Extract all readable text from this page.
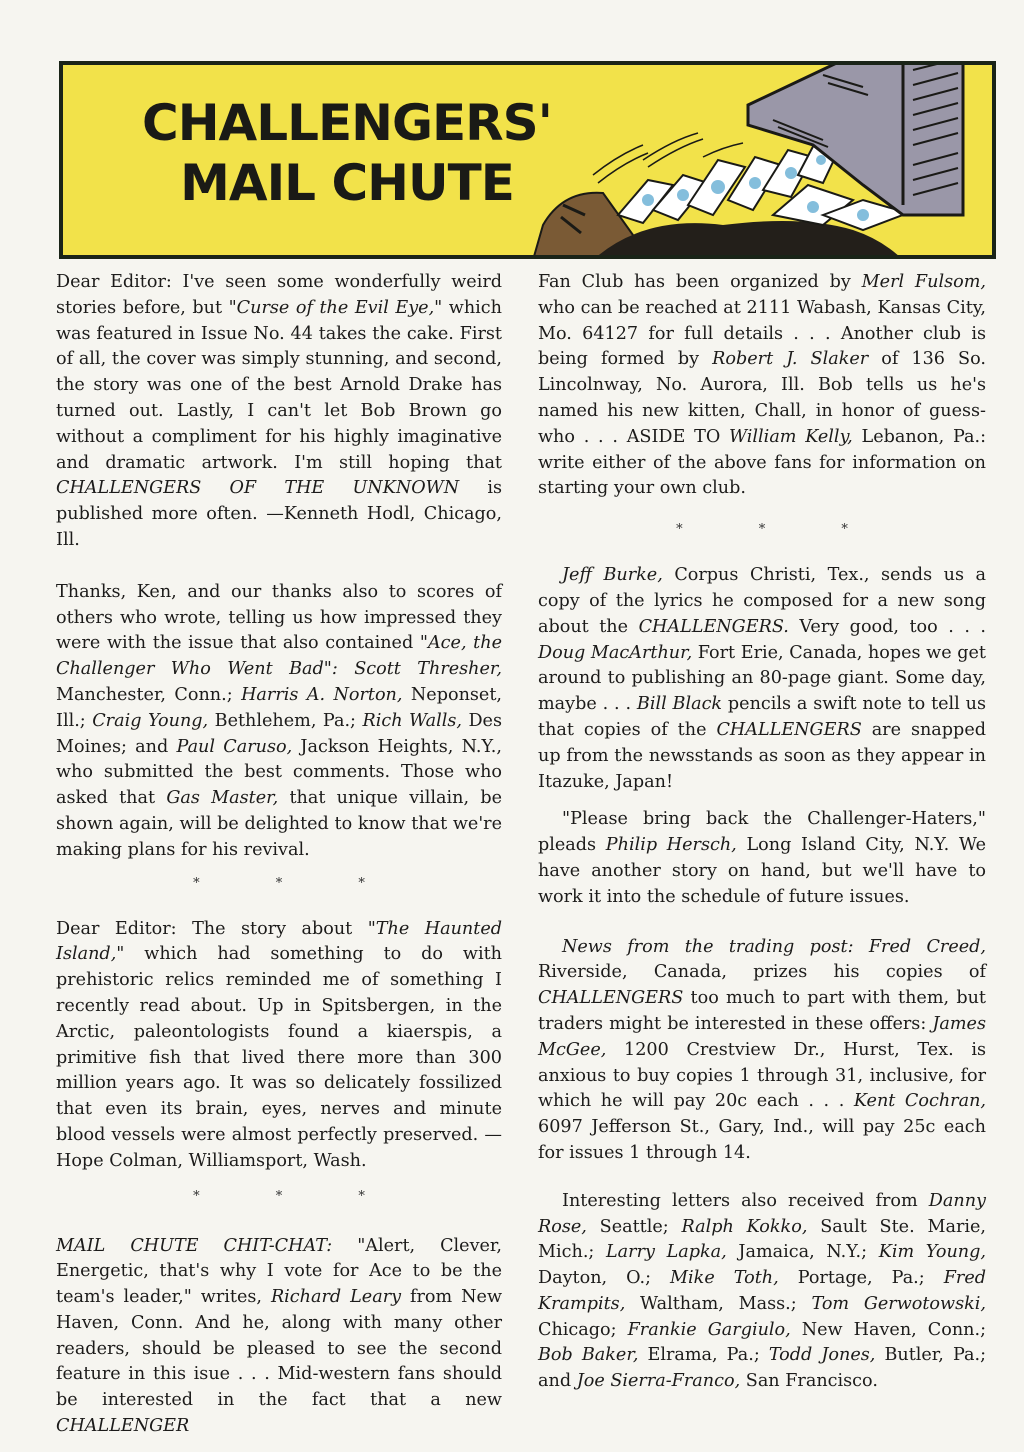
CHALLENGERS'
MAIL CHUTE

Dear Editor: I've seen some wonderfully weird stories before, but "Curse of the Evil Eye," which was featured in Issue No. 44 takes the cake. First of all, the cover was simply stunning, and second, the story was one of the best Arnold Drake has turned out. Lastly, I can't let Bob Brown go without a compliment for his highly imaginative and dramatic artwork. I'm still hoping that CHALLENGERS OF THE UNKNOWN is published more often. —Kenneth Hodl, Chicago, Ill.

Thanks, Ken, and our thanks also to scores of others who wrote, telling us how impressed they were with the issue that also contained "Ace, the Challenger Who Went Bad": Scott Thresher, Manchester, Conn.; Harris A. Norton, Neponset, Ill.; Craig Young, Bethlehem, Pa.; Rich Walls, Des Moines; and Paul Caruso, Jackson Heights, N.Y., who submitted the best comments. Those who asked that Gas Master, that unique villain, be shown again, will be delighted to know that we're making plans for his revival.

* * *

Dear Editor: The story about "The Haunted Island," which had something to do with prehistoric relics reminded me of something I recently read about. Up in Spitsbergen, in the Arctic, paleontologists found a kiaerspis, a primitive fish that lived there more than 300 million years ago. It was so delicately fossilized that even its brain, eyes, nerves and minute blood vessels were almost perfectly preserved. —Hope Colman, Williamsport, Wash.

* * *

MAIL CHUTE CHIT-CHAT: "Alert, Clever, Energetic, that's why I vote for Ace to be the team's leader," writes, Richard Leary from New Haven, Conn. And he, along with many other readers, should be pleased to see the second feature in this isue . . . Mid-western fans should be interested in the fact that a new CHALLENGER

Fan Club has been organized by Merl Fulsom, who can be reached at 2111 Wabash, Kansas City, Mo. 64127 for full details . . . Another club is being formed by Robert J. Slaker of 136 So. Lincolnway, No. Aurora, Ill. Bob tells us he's named his new kitten, Chall, in honor of guess-who . . . ASIDE TO William Kelly, Lebanon, Pa.: write either of the above fans for information on starting your own club.

* * *

Jeff Burke, Corpus Christi, Tex., sends us a copy of the lyrics he composed for a new song about the CHALLENGERS. Very good, too . . . Doug MacArthur, Fort Erie, Canada, hopes we get around to publishing an 80-page giant. Some day, maybe . . . Bill Black pencils a swift note to tell us that copies of the CHALLENGERS are snapped up from the newsstands as soon as they appear in Itazuke, Japan!

"Please bring back the Challenger-Haters," pleads Philip Hersch, Long Island City, N.Y. We have another story on hand, but we'll have to work it into the schedule of future issues.

News from the trading post: Fred Creed, Riverside, Canada, prizes his copies of CHALLENGERS too much to part with them, but traders might be interested in these offers: James McGee, 1200 Crestview Dr., Hurst, Tex. is anxious to buy copies 1 through 31, inclusive, for which he will pay 20c each . . . Kent Cochran, 6097 Jefferson St., Gary, Ind., will pay 25c each for issues 1 through 14.

Interesting letters also received from Danny Rose, Seattle; Ralph Kokko, Sault Ste. Marie, Mich.; Larry Lapka, Jamaica, N.Y.; Kim Young, Dayton, O.; Mike Toth, Portage, Pa.; Fred Krampits, Waltham, Mass.; Tom Gerwotowski, Chicago; Frankie Gargiulo, New Haven, Conn.; Bob Baker, Elrama, Pa.; Todd Jones, Butler, Pa.; and Joe Sierra-Franco, San Francisco.
